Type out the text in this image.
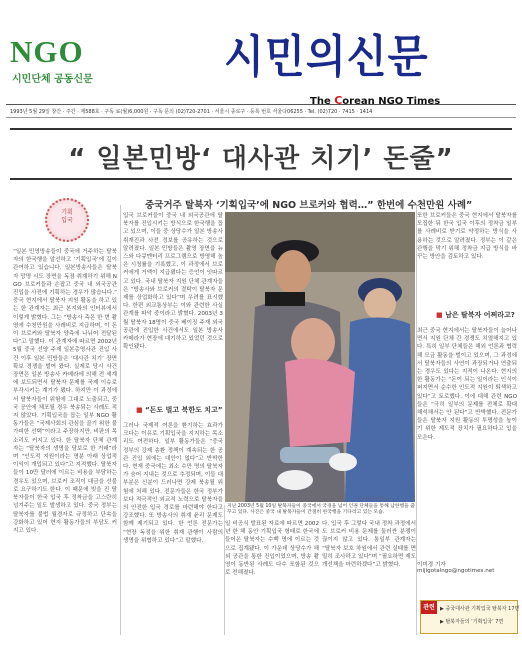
NGO
시민단체 공동신문	시민의신문
The Corean NGO Times
1993년 5월 29일 창간 · 주간 · 제588호 · 구독 료(월)6,000원 · 구독 문의 (02)720-2701 · 서울시 종로구 · 등록 번호 서울다06255 · Tel. (02)720 · 7415 · 1414
“ 일본민방‘ 대사관 치기’ 돈줄”
중국거주 탈북자 ‘기획입국’에 NGO 브로커와 협력…” 한번에 수천만원 사례”
기획
입국
“일본 민영방송들이 중국에 거주하는 탈북자의 한국행을 알선하고 ‘기획입국’에 깊이 관여하고 있습니다. 일본방송사들은 탈북자 망명 시도 장면을 독점 취재하기 위해 NGO 브로커들과 손잡고 중국 내 외국공관 진입을 사전에 기획하는 경우가 많습니다.” 중국 현지에서 탈북자 지원 활동을 하고 있는 한 관계자는 최근 본지와의 인터뷰에서 이렇게 밝혔다. 그는 “방송사 측은 한 번 촬영에 수천만원을 사례비로 지급하며, 이 돈이 브로커와 탈북자 양측에 나뉘어 전달된다”고 말했다. 이 관계자에 따르면 2002년 5월 중국 선양 주재 일본총영사관 진입 사건 이후 일본 민방들은 ‘대사관 치기’ 장면 확보 경쟁을 벌여 왔다. 실제로 당시 사건 장면은 일본 방송사 카메라에 의해 전 세계에 보도되면서 탈북자 문제를 국제 이슈로 부각시키는 계기가 됐다. 하지만 이 과정에서 탈북자들이 위험에 그대로 노출되고, 중국 공안에 체포될 경우 북송되는 사례도 적지 않았다. 기획입국을 돕는 일부 NGO 활동가들은 “국제사회의 관심을 끌기 위한 불가피한 선택”이라고 주장하지만, 비판의 목소리도 커지고 있다. 한 탈북자 단체 관계자는 “탈북자의 생명을 담보로 한 거래”라며 “인도적 지원이라는 명분 아래 상업적 이익이 개입되고 있다”고 지적했다. 탈북자들이 10만 달러에 이르는 비용을 부담하는 경우도 있으며, 브로커 조직이 대금을 선불로 요구하기도 한다. 이 때문에 빚을 진 탈북자들이 한국 입국 후 정착금을 고스란히 넘겨주는 일도 발생하고 있다. 중국 정부는 탈북자를 불법 월경자로 규정하고 단속을 강화하고 있어 현지 활동가들의 부담도 커지고 있다.
입국 브로커들이 중국 내 외국공관에 탈북자를 진입시키는 방식으로 한국행을 돕고 있으며, 이들 중 상당수가 일본 방송사 취재진과 사전 정보를 공유하는 것으로 알려졌다. 일본 민방들은 촬영 장면을 뉴스와 다큐멘터리 프로그램으로 방영해 높은 시청률을 기록했고, 이 과정에서 브로커에게 거액이 지급됐다는 증언이 잇따르고 있다. 국내 탈북자 지원 단체 관계자들은 “방송사와 브로커의 결탁이 탈북자 문제를 상업화하고 있다”며 우려를 표시했다. 한편 외교통상부는 이와 관련한 사실 관계를 파악 중이라고 밝혔다. 2003년 3월 탈북자 18명이 중국 베이징 주재 외국공관에 진입한 사건에서도 일본 방송사 카메라가 현장에 대기하고 있었던 것으로 확인됐다.
■ “돈도 벌고 북한도 치고”
그러나 국제적 여론을 환기하는 효과가 크다는 이유로 기획입국을 지지하는 목소리도 여전하다. 일부 활동가들은 “중국 정부의 강제 송환 정책이 계속되는 한 공관 진입 외에는 대안이 없다”고 반박한다. 현재 중국에는 최소 수만 명의 탈북자가 숨어 지내는 것으로 추정되며, 이들 대부분은 신분이 드러나면 강제 북송될 위험에 처해 있다. 전문가들은 한국 정부가 보다 적극적인 외교적 노력으로 탈북자들의 안전한 입국 경로를 마련해야 한다고 강조했다. 또 방송사의 취재 윤리 문제도 함께 제기되고 있다. 한 언론 전문가는 “현장 독점을 위한 취재 관행이 사람의 생명을 위협하고 있다”고 말했다.
또한 브로커들은 중국 현지에서 탈북자를 모집한 뒤 한국 입국 이후의 정착금 일부를 사례비로 받기로 약정하는 방식을 사용하는 것으로 알려졌다. 정부는 이 같은 관행을 막기 위해 정착금 지급 방식을 바꾸는 방안을 검토하고 있다.
■ 남은 탈북자 어쩌라고?
최근 중국 현지에서는 탈북자들이 늘어나면서 지원 단체 간 경쟁도 치열해지고 있다. 특히 일부 단체들은 해외 언론과 협력해 모금 활동을 벌이고 있으며, 그 과정에서 탈북자들의 사연이 과장되거나 연출되는 경우도 있다는 지적이 나온다. 현지의 한 활동가는 “돈이 되는 일이라는 인식이 퍼지면서 순수한 인도적 지원이 퇴색하고 있다”고 토로했다. 이에 대해 관련 NGO들은 “극히 일부의 문제를 전체로 확대 해석해서는 안 된다”고 반박했다. 전문가들은 탈북자 지원 활동의 투명성을 높이기 위한 제도적 장치가 필요하다고 입을 모은다.
이미경 기자 mijigotalngo@ngotimes.net
사진제공 / 연합뉴스
지난 2003년 5월 10일 탈북자들이 중국에서 국경을 넘어 인권 단체들을 통해 남한행을 꿈꾸고 있다. 사진은 중국 내 탈북자들이 간절히 한국행을 기다리고 있는 모습.
일 비공식 발표된 자료에 따르면 2002년 한 해 동안 기획입국 형태로 한국에 들어온 탈북자는 수백 명에 이르는 것으로 집계됐다. 이 가운데 상당수가 해외 공관을 통한 진입이었으며, 방송 촬영이 동반된 사례도 다수 포함된 것으로 전해졌다.
다. 입국 후 그렇다 국내 정착 과정에서도 브로커 비용 문제를 둘러싼 분쟁이 끊이지 않고 있다. 통일부 관계자는 “탈북자 보호 차원에서 관련 실태를 면밀히 조사하고 있다”며 “필요하면 제도 개선책을 마련하겠다”고 밝혔다.
관련	▶ 중국대사관 기획입국 탈북자 17면
▶ 탈북자들의 ‘기획입국’ 7면
